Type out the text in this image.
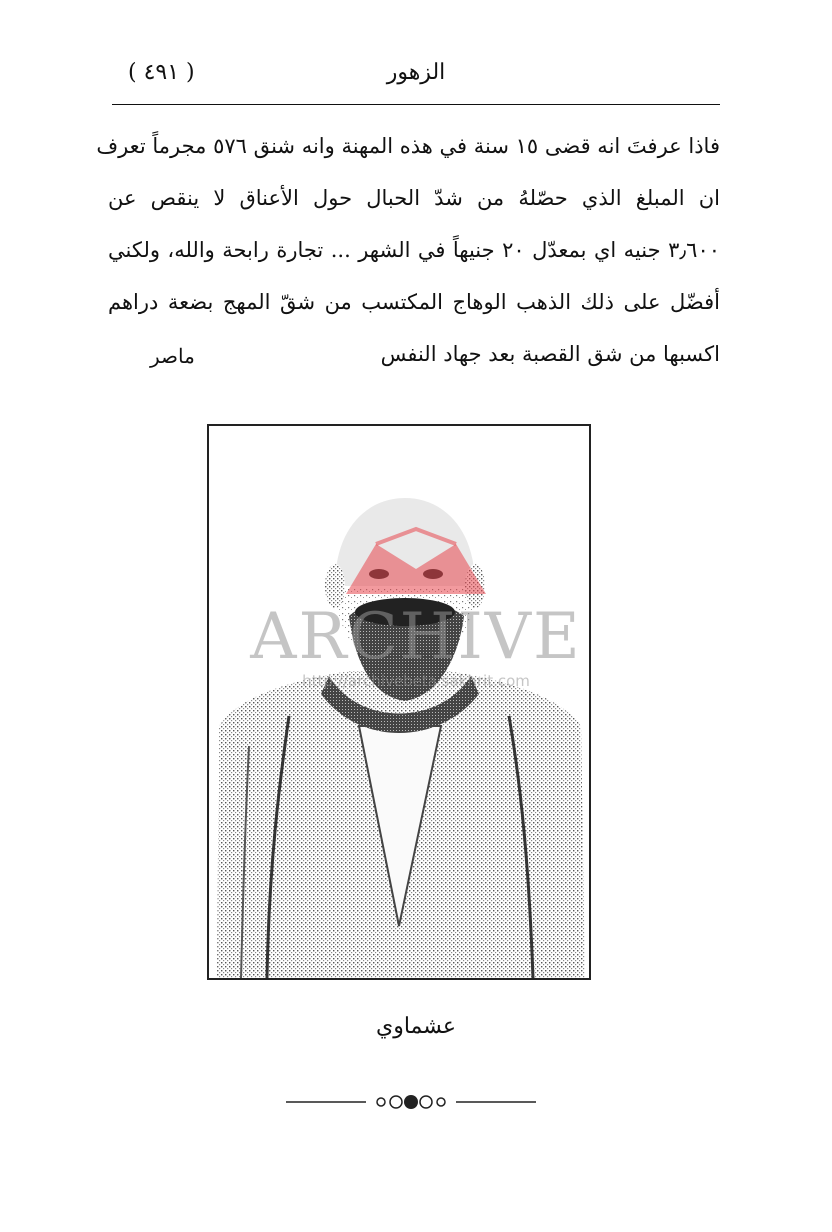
الزهور
( ٤٩١ )
فاذا عرفتَ انه قضى ١٥ سنة في هذه المهنة وانه شنق ٥٧٦ مجرماً تعرف
ان المبلغ الذي حصّلهُ من شدّ الحبال حول الأعناق لا ينقص عن
٣٫٦٠٠ جنيه اي بمعدّل ٢٠ جنيهاً في الشهر ... تجارة رابحة والله، ولكني
أفضّل على ذلك الذهب الوهاج المكتسب من شقّ المهج بضعة دراهم
اكسبها من شق القصبة بعد جهاد النفس
ماصر
ARCHIVE
http://archivebeta.sakhrit.com
عشماوي
